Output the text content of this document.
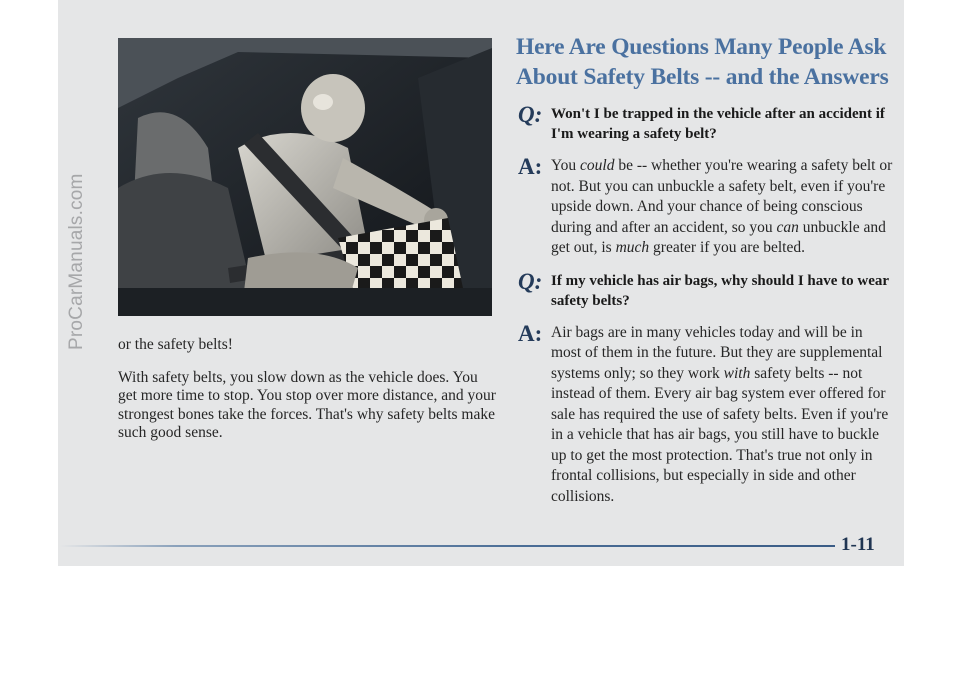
or the safety belts!

With safety belts, you slow down as the vehicle does. You get more time to stop. You stop over more distance, and your strongest bones take the forces. That's why safety belts make such good sense.

Here Are Questions Many People Ask About Safety Belts -- and the Answers
Q: Won't I be trapped in the vehicle after an accident if I'm wearing a safety belt?
A: You could be -- whether you're wearing a safety belt or not. But you can unbuckle a safety belt, even if you're upside down. And your chance of being conscious during and after an accident, so you can unbuckle and get out, is much greater if you are belted.
Q: If my vehicle has air bags, why should I have to wear safety belts?
A: Air bags are in many vehicles today and will be in most of them in the future. But they are supplemental systems only; so they work with safety belts -- not instead of them. Every air bag system ever offered for sale has required the use of safety belts. Even if you're in a vehicle that has air bags, you still have to buckle up to get the most protection. That's true not only in frontal collisions, but especially in side and other collisions.
1-11
